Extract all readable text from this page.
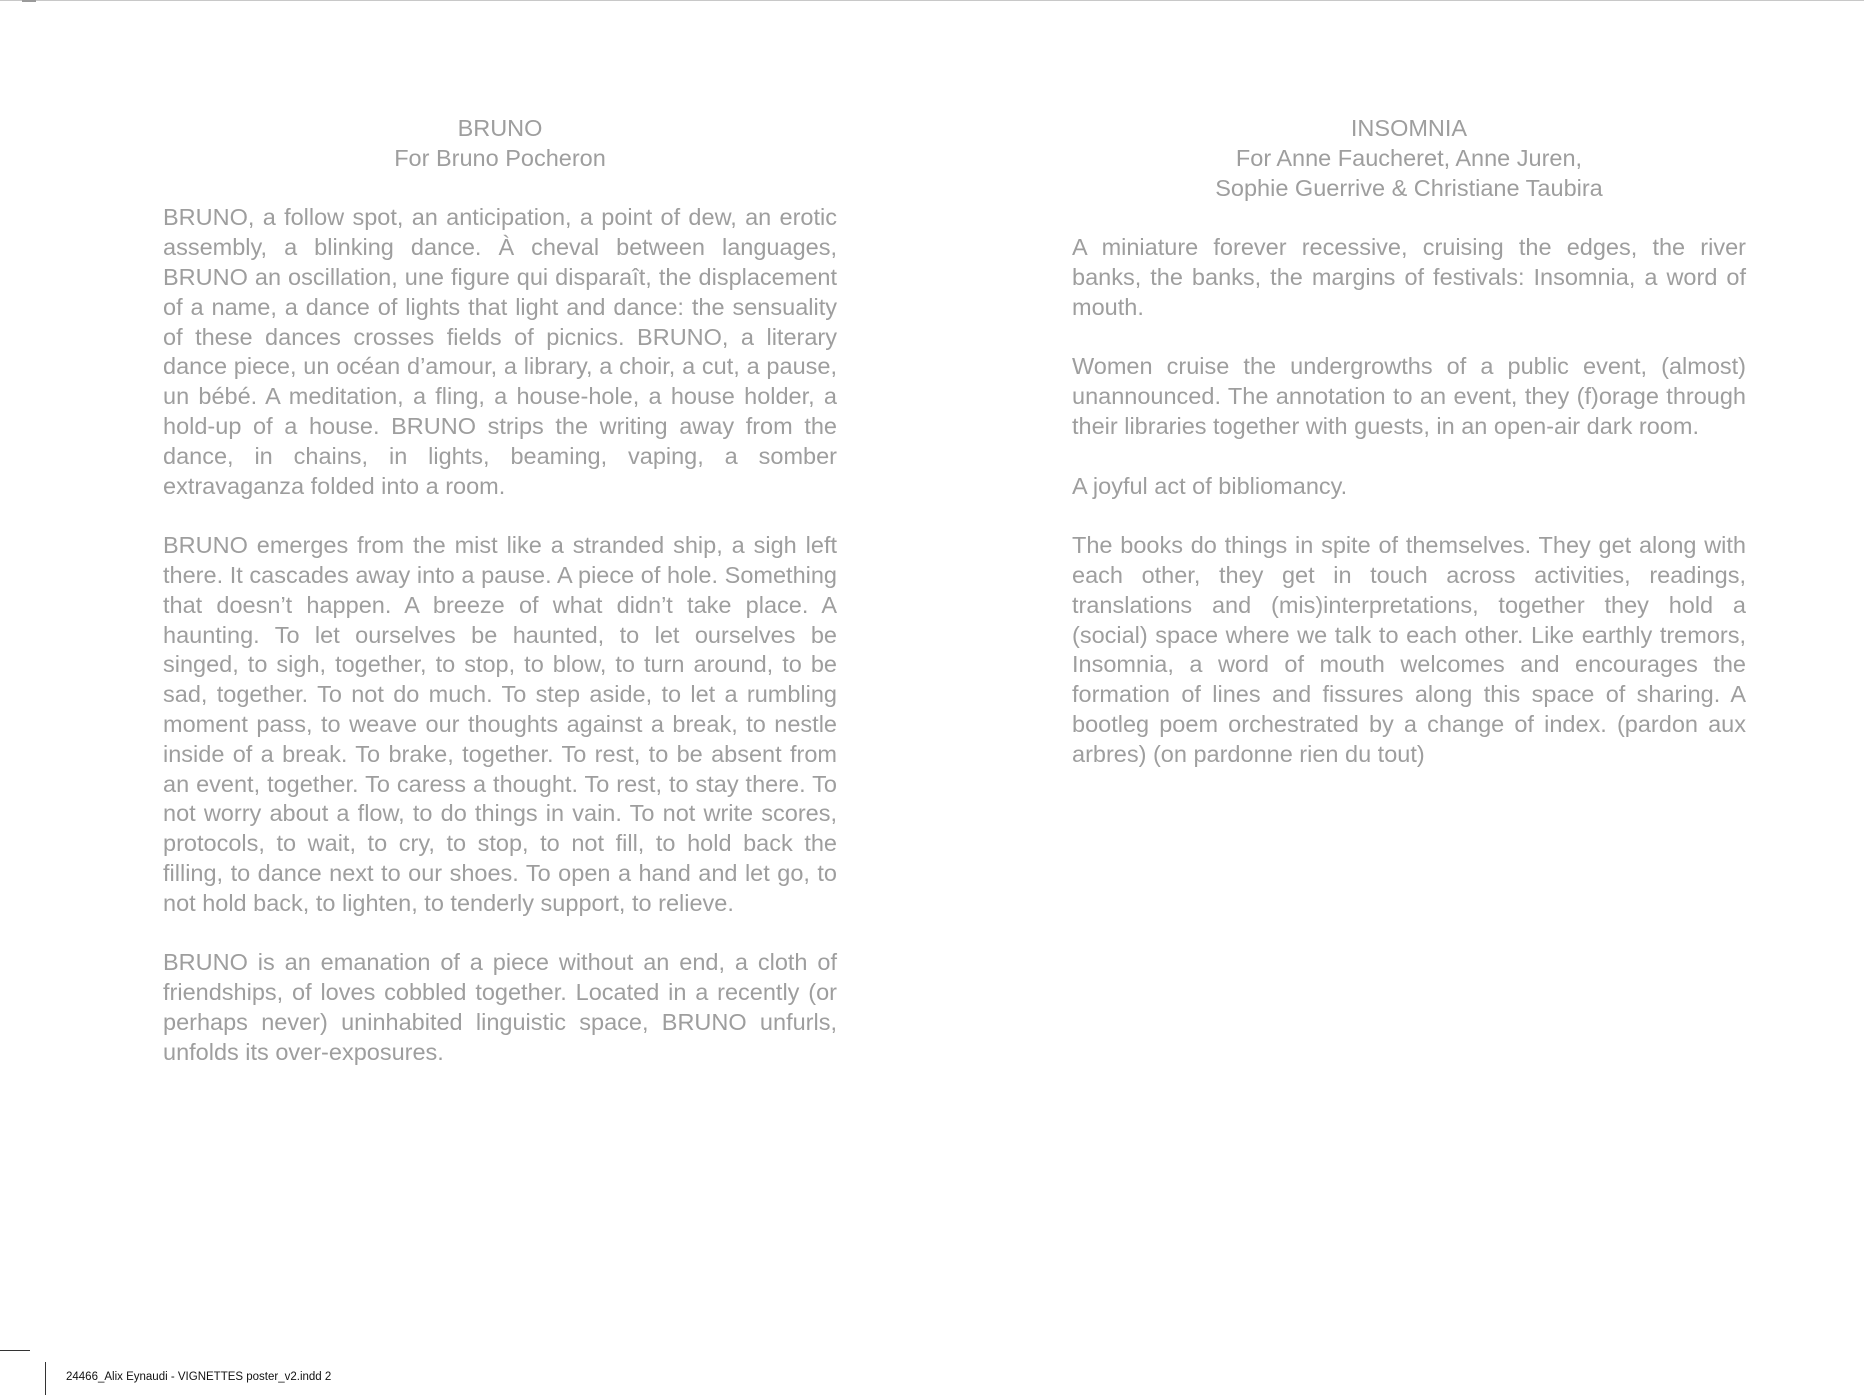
BRUNO
For Bruno Pocheron

BRUNO, a follow spot, an anticipation, a point of dew, an erotic assembly, a blinking dance. À cheval between languages, BRUNO an oscillation, une figure qui disparaît, the displacement of a name, a dance of lights that light and dance: the sensuality of these dances crosses fields of picnics. BRUNO, a literary dance piece, un océan d’amour, a library, a choir, a cut, a pause, un bébé. A meditation, a fling, a house-hole, a house holder, a hold-up of a house. BRUNO strips the writing away from the dance, in chains, in lights, beaming, vaping, a somber extravaganza folded into a room.

BRUNO emerges from the mist like a stranded ship, a sigh left there. It cascades away into a pause. A piece of hole. Something that doesn’t happen. A breeze of what didn’t take place. A haunting. To let ourselves be haunted, to let ourselves be singed, to sigh, together, to stop, to blow, to turn around, to be sad, together. To not do much. To step aside, to let a rumbling moment pass, to weave our thoughts against a break, to nestle inside of a break. To brake, together. To rest, to be absent from an event, together. To caress a thought. To rest, to stay there. To not worry about a flow, to do things in vain. To not write scores, protocols, to wait, to cry, to stop, to not fill, to hold back the filling, to dance next to our shoes. To open a hand and let go, to not hold back, to lighten, to tenderly support, to relieve.

BRUNO is an emanation of a piece without an end, a cloth of friendships, of loves cobbled together. Located in a recently (or perhaps never) uninhabited linguistic space, BRUNO unfurls, unfolds its over-exposures.

INSOMNIA
For Anne Faucheret, Anne Juren,
Sophie Guerrive & Christiane Taubira

A miniature forever recessive, cruising the edges, the river banks, the banks, the margins of festivals: Insomnia, a word of mouth.

Women cruise the undergrowths of a public event, (almost) unannounced. The annotation to an event, they (f)orage through their libraries together with guests, in an open-air dark room.

A joyful act of bibliomancy.

The books do things in spite of themselves. They get along with each other, they get in touch across activities, readings, translations and (mis)interpretations, together they hold a (social) space where we talk to each other. Like earthly tremors, Insomnia, a word of mouth welcomes and encourages the formation of lines and fissures along this space of sharing. A bootleg poem orchestrated by a change of index. (pardon aux arbres) (on pardonne rien du tout)

24466_Alix Eynaudi - VIGNETTES poster_v2.indd 2
